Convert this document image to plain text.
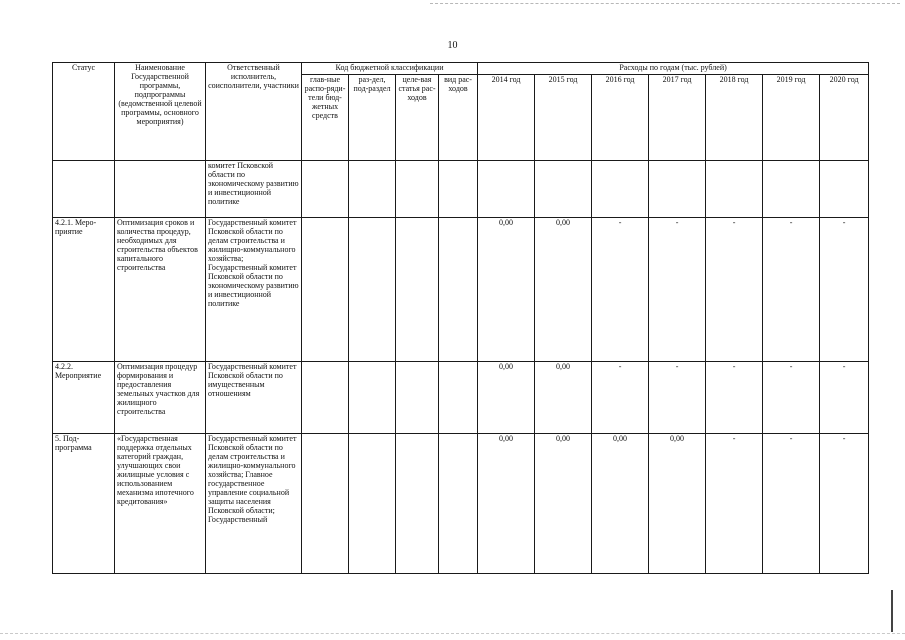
10
Статус	Наименование Государственной программы, подпрограммы (ведомственной целевой программы, основного мероприятия)	Ответственный исполнитель, соисполнители, участники	Код бюджетной классификации				Расходы по годам (тыс. рублей)						
			глав-ные распо-ряди-тели бюд-жетных средств	раз-дел, под-раздел	целе-вая статья рас-ходов	вид рас-ходов	2014 год	2015 год	2016 год	2017 год	2018 год	2019 год	2020 год
		комитет Псковской области по экономическому развитию и инвестиционной политике											
4.2.1. Меро-приятие	Оптимизация сроков и количества процедур, необходимых для строительства объектов капитального строительства	Государственный комитет Псковской области по делам строительства и жилищно-коммунального хозяйства; Государственный комитет Псковской области по экономическому развитию и инвестиционной политике					0,00	0,00	-	-	-	-	-
4.2.2. Мероприятие	Оптимизация процедур формирования и предоставления земельных участков для жилищного строительства	Государственный комитет Псковской области по имущественным отношениям					0,00	0,00	-	-	-	-	-
5. Под-программа	«Государственная поддержка отдельных категорий граждан, улучшающих свои жилищные условия с использованием механизма ипотечного кредитования»	Государственный комитет Псковской области по делам строительства и жилищно-коммунального хозяйства; Главное государственное управление социальной защиты населения Псковской области; Государственный					0,00	0,00	0,00	0,00	-	-	-
